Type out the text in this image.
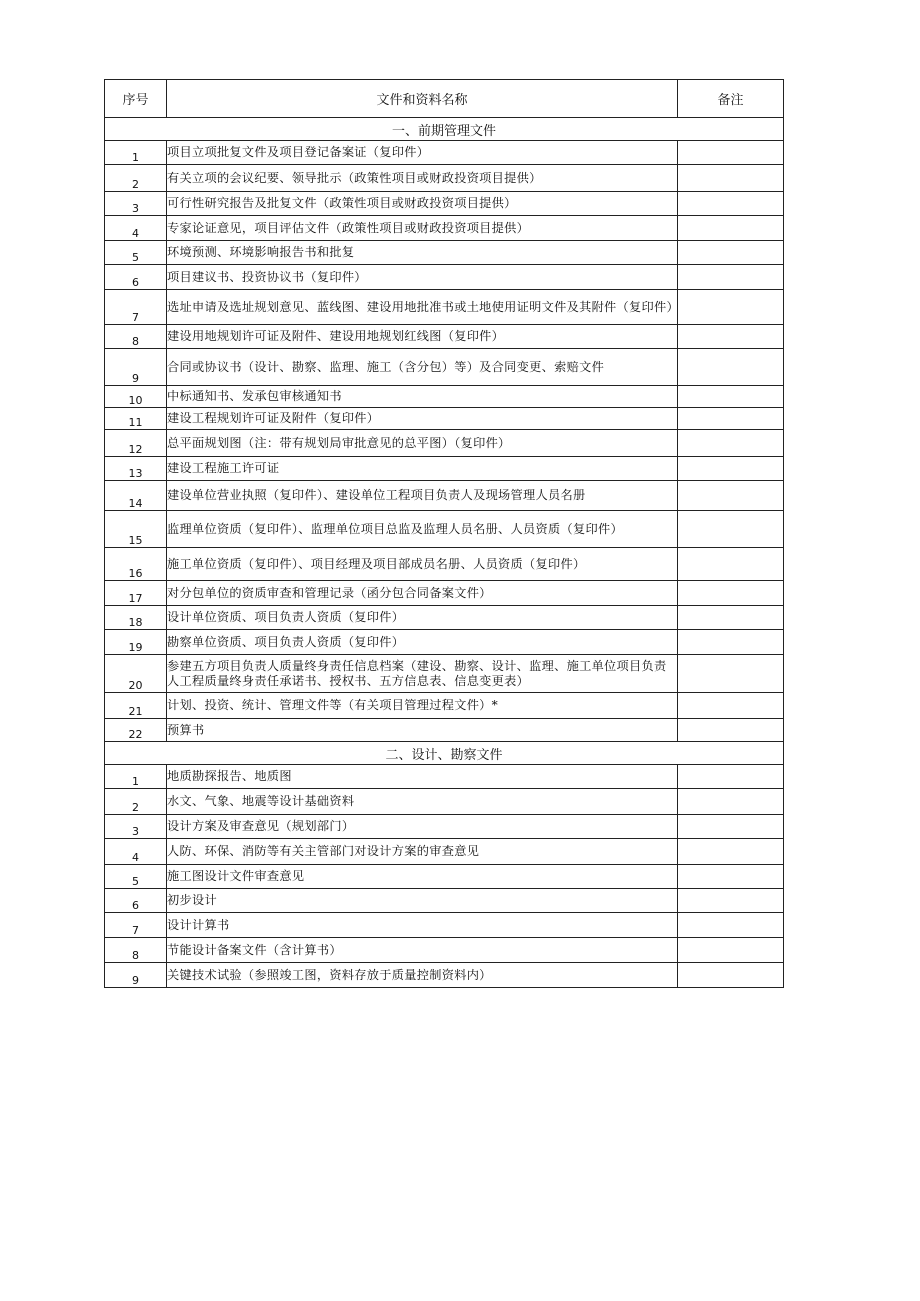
序号	文件和资料名称	备注
一、前期管理文件		
1	项目立项批复文件及项目登记备案证（复印件）	
2	有关立项的会议纪要、领导批示（政策性项目或财政投资项目提供）	
3	可行性研究报告及批复文件（政策性项目或财政投资项目提供）	
4	专家论证意见，项目评估文件（政策性项目或财政投资项目提供）	
5	环境预测、环境影响报告书和批复	
6	项目建议书、投资协议书（复印件）	
7	选址申请及选址规划意见、蓝线图、建设用地批准书或土地使用证明文件及其附件（复印件）	
8	建设用地规划许可证及附件、建设用地规划红线图（复印件）	
9	合同或协议书（设计、勘察、监理、施工（含分包）等）及合同变更、索赔文件	
10	中标通知书、发承包审核通知书	
11	建设工程规划许可证及附件（复印件）	
12	总平面规划图（注：带有规划局审批意见的总平图）（复印件）	
13	建设工程施工许可证	
14	建设单位营业执照（复印件）、建设单位工程项目负责人及现场管理人员名册	
15	监理单位资质（复印件）、监理单位项目总监及监理人员名册、人员资质（复印件）	
16	施工单位资质（复印件）、项目经理及项目部成员名册、人员资质（复印件）	
17	对分包单位的资质审查和管理记录（函分包合同备案文件）	
18	设计单位资质、项目负责人资质（复印件）	
19	勘察单位资质、项目负责人资质（复印件）	
20	参建五方项目负责人质量终身责任信息档案（建设、勘察、设计、监理、施工单位项目负责人工程质量终身责任承诺书、授权书、五方信息表、信息变更表）	
21	计划、投资、统计、管理文件等（有关项目管理过程文件）*	
22	预算书	
二、设计、勘察文件		
1	地质勘探报告、地质图	
2	水文、气象、地震等设计基础资料	
3	设计方案及审查意见（规划部门）	
4	人防、环保、消防等有关主管部门对设计方案的审查意见	
5	施工图设计文件审查意见	
6	初步设计	
7	设计计算书	
8	节能设计备案文件（含计算书）	
9	关键技术试验（参照竣工图，资料存放于质量控制资料内）	
